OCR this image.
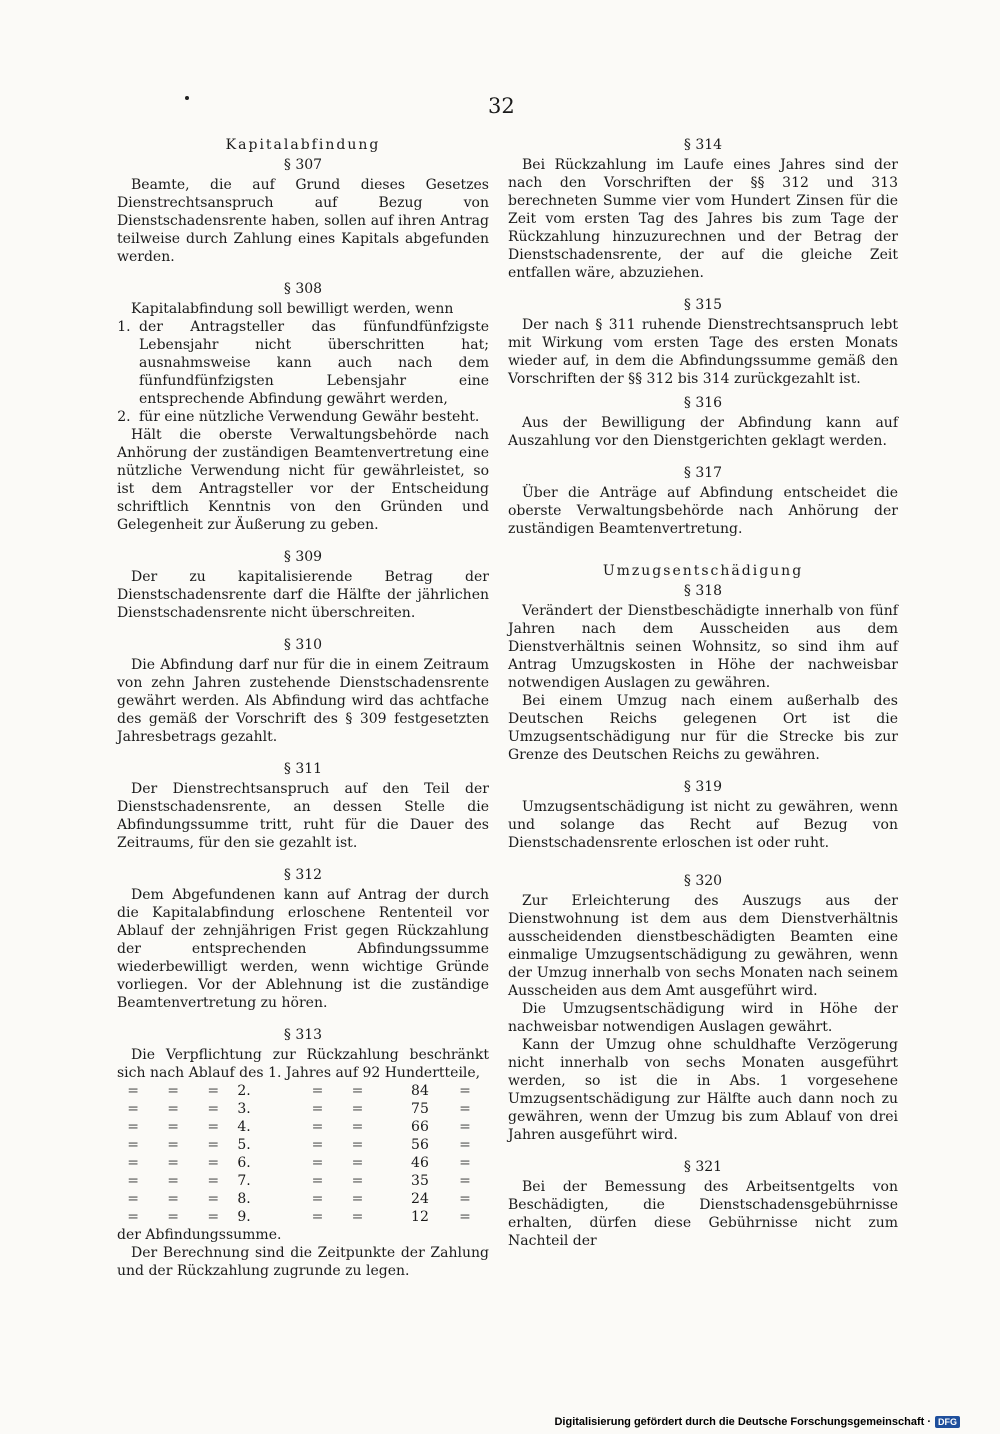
32
Kapitalabfindung
§ 307

Beamte, die auf Grund dieses Gesetzes Dienstrechtsanspruch auf Bezug von Dienstschadensrente haben, sollen auf ihren Antrag teilweise durch Zahlung eines Kapitals abgefunden werden.

§ 308

Kapitalabfindung soll bewilligt werden, wenn

1. der Antragsteller das fünfundfünfzigste Lebensjahr nicht überschritten hat; ausnahmsweise kann auch nach dem fünfundfünfzigsten Lebensjahr eine entsprechende Abfindung gewährt werden,
2. für eine nützliche Verwendung Gewähr besteht.

Hält die oberste Verwaltungsbehörde nach Anhörung der zuständigen Beamtenvertretung eine nützliche Verwendung nicht für gewährleistet, so ist dem Antragsteller vor der Entscheidung schriftlich Kenntnis von den Gründen und Gelegenheit zur Äußerung zu geben.

§ 309

Der zu kapitalisierende Betrag der Dienstschadensrente darf die Hälfte der jährlichen Dienstschadensrente nicht überschreiten.

§ 310

Die Abfindung darf nur für die in einem Zeitraum von zehn Jahren zustehende Dienstschadensrente gewährt werden. Als Abfindung wird das achtfache des gemäß der Vorschrift des § 309 festgesetzten Jahresbetrags gezahlt.

§ 311

Der Dienstrechtsanspruch auf den Teil der Dienstschadensrente, an dessen Stelle die Abfindungssumme tritt, ruht für die Dauer des Zeitraums, für den sie gezahlt ist.

§ 312

Dem Abgefundenen kann auf Antrag der durch die Kapitalabfindung erloschene Rententeil vor Ablauf der zehnjährigen Frist gegen Rückzahlung der entsprechenden Abfindungssumme wiederbewilligt werden, wenn wichtige Gründe vorliegen. Vor der Ablehnung ist die zuständige Beamtenvertretung zu hören.

§ 313

Die Verpflichtung zur Rückzahlung beschränkt sich nach Ablauf des 1. Jahres auf 92 Hundertteile,

=	=	=	2.	=	=	84	=
=	=	=	3.	=	=	75	=
=	=	=	4.	=	=	66	=
=	=	=	5.	=	=	56	=
=	=	=	6.	=	=	46	=
=	=	=	7.	=	=	35	=
=	=	=	8.	=	=	24	=
=	=	=	9.	=	=	12	=

der Abfindungssumme.

Der Berechnung sind die Zeitpunkte der Zahlung und der Rückzahlung zugrunde zu legen.

§ 314

Bei Rückzahlung im Laufe eines Jahres sind der nach den Vorschriften der §§ 312 und 313 berechneten Summe vier vom Hundert Zinsen für die Zeit vom ersten Tag des Jahres bis zum Tage der Rückzahlung hinzuzurechnen und der Betrag der Dienstschadensrente, der auf die gleiche Zeit entfallen wäre, abzuziehen.

§ 315

Der nach § 311 ruhende Dienstrechtsanspruch lebt mit Wirkung vom ersten Tage des ersten Monats wieder auf, in dem die Abfindungssumme gemäß den Vorschriften der §§ 312 bis 314 zurückgezahlt ist.

§ 316

Aus der Bewilligung der Abfindung kann auf Auszahlung vor den Dienstgerichten geklagt werden.

§ 317

Über die Anträge auf Abfindung entscheidet die oberste Verwaltungsbehörde nach Anhörung der zuständigen Beamtenvertretung.

Umzugsentschädigung
§ 318

Verändert der Dienstbeschädigte innerhalb von fünf Jahren nach dem Ausscheiden aus dem Dienstverhältnis seinen Wohnsitz, so sind ihm auf Antrag Umzugskosten in Höhe der nachweisbar notwendigen Auslagen zu gewähren.

Bei einem Umzug nach einem außerhalb des Deutschen Reichs gelegenen Ort ist die Umzugsentschädigung nur für die Strecke bis zur Grenze des Deutschen Reichs zu gewähren.

§ 319

Umzugsentschädigung ist nicht zu gewähren, wenn und solange das Recht auf Bezug von Dienstschadensrente erloschen ist oder ruht.

§ 320

Zur Erleichterung des Auszugs aus der Dienstwohnung ist dem aus dem Dienstverhältnis ausscheidenden dienstbeschädigten Beamten eine einmalige Umzugsentschädigung zu gewähren, wenn der Umzug innerhalb von sechs Monaten nach seinem Ausscheiden aus dem Amt ausgeführt wird.

Die Umzugsentschädigung wird in Höhe der nachweisbar notwendigen Auslagen gewährt.

Kann der Umzug ohne schuldhafte Verzögerung nicht innerhalb von sechs Monaten ausgeführt werden, so ist die in Abs. 1 vorgesehene Umzugsentschädigung zur Hälfte auch dann noch zu gewähren, wenn der Umzug bis zum Ablauf von drei Jahren ausgeführt wird.

§ 321

Bei der Bemessung des Arbeitsentgelts von Beschädigten, die Dienstschadensgebührnisse erhalten, dürfen diese Gebührnisse nicht zum Nachteil der

Digitalisierung gefördert durch die Deutsche Forschungsgemeinschaft · DFG
